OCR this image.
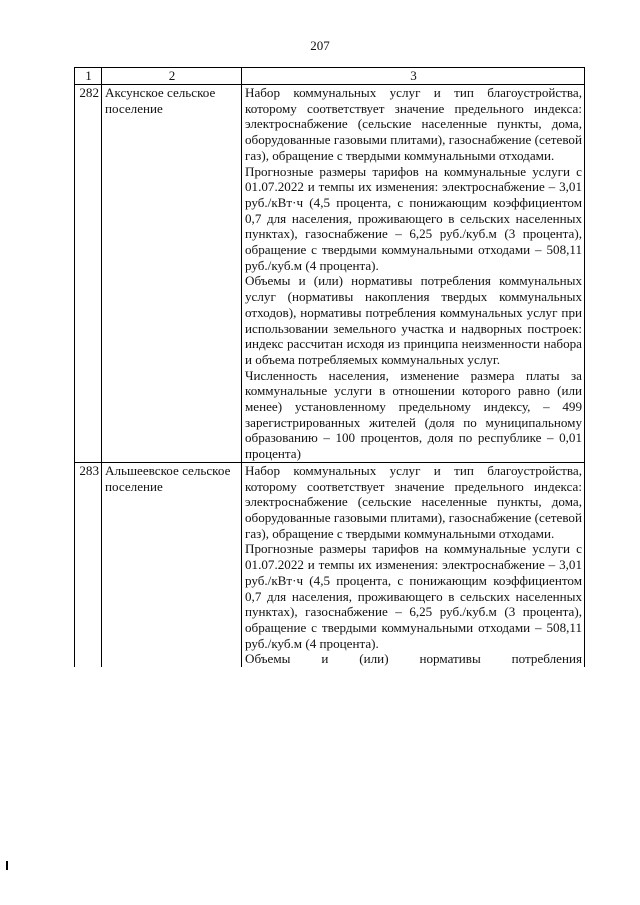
207
1	2	3
282	Аксунское сельское поселение	Набор коммунальных услуг и тип благоустройства, которому соответствует значение предельного индекса: электроснабжение (сельские населенные пункты, дома, оборудованные газовыми плитами), газоснабжение (сетевой газ), обращение с твердыми коммунальными отходами.

Прогнозные размеры тарифов на коммунальные услуги с 01.07.2022 и темпы их изменения: электроснабжение – 3,01 руб./кВт·ч (4,5 процента, с понижающим коэффициентом 0,7 для населения, проживающего в сельских населенных пунктах), газоснабжение – 6,25 руб./куб.м (3 процента), обращение с твердыми коммунальными отходами – 508,11 руб./куб.м (4 процента).

Объемы и (или) нормативы потребления коммунальных услуг (нормативы накопления твердых коммунальных отходов), нормативы потребления коммунальных услуг при использовании земельного участка и надворных построек: индекс рассчитан исходя из принципа неизменности набора и объема потребляемых коммунальных услуг.

Численность населения, изменение размера платы за коммунальные услуги в отношении которого равно (или менее) установленному предельному индексу, – 499 зарегистрированных жителей (доля по муниципальному образованию – 100 процентов, доля по республике – 0,01 процента)

283	Альшеевское сельское поселение	Набор коммунальных услуг и тип благоустройства, которому соответствует значение предельного индекса: электроснабжение (сельские населенные пункты, дома, оборудованные газовыми плитами), газоснабжение (сетевой газ), обращение с твердыми коммунальными отходами.

Прогнозные размеры тарифов на коммунальные услуги с 01.07.2022 и темпы их изменения: электроснабжение – 3,01 руб./кВт·ч (4,5 процента, с понижающим коэффициентом 0,7 для населения, проживающего в сельских населенных пунктах), газоснабжение – 6,25 руб./куб.м (3 процента), обращение с твердыми коммунальными отходами – 508,11 руб./куб.м (4 процента).

Объемы и (или) нормативы потребления
